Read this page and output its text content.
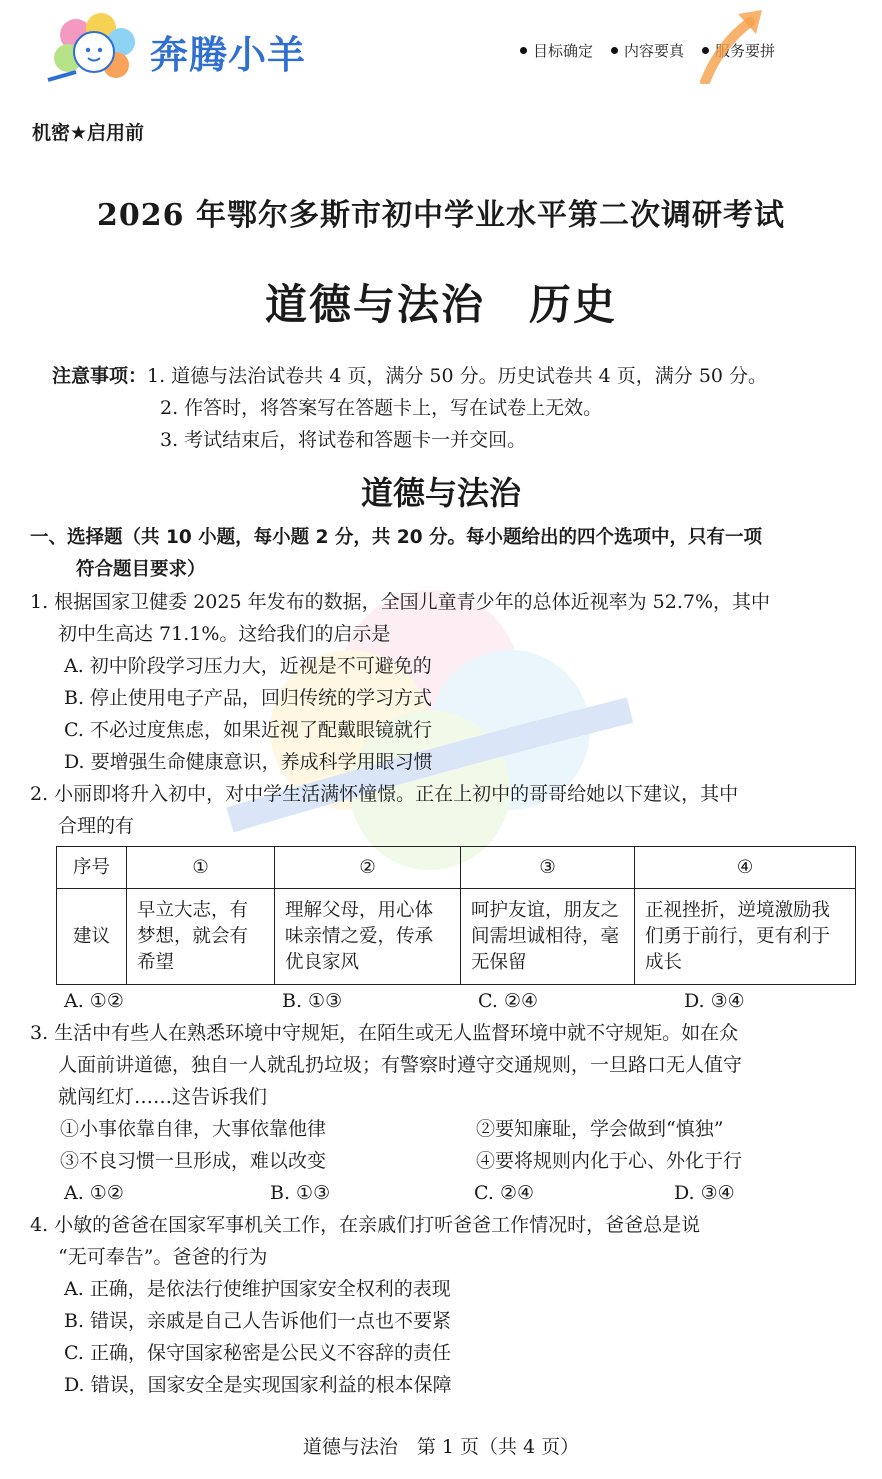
奔腾小羊	目标确定 内容要真 服务要拼
机密★启用前
2026 年鄂尔多斯市初中学业水平第二次调研考试
道德与法治　历史
注意事项：1. 道德与法治试卷共 4 页，满分 50 分。历史试卷共 4 页，满分 50 分。
2. 作答时，将答案写在答题卡上，写在试卷上无效。
3. 考试结束后，将试卷和答题卡一并交回。
道德与法治
一、选择题（共 10 小题，每小题 2 分，共 20 分。每小题给出的四个选项中，只有一项
符合题目要求）
1. 根据国家卫健委 2025 年发布的数据，全国儿童青少年的总体近视率为 52.7%，其中
初中生高达 71.1%。这给我们的启示是
A. 初中阶段学习压力大，近视是不可避免的
B. 停止使用电子产品，回归传统的学习方式
C. 不必过度焦虑，如果近视了配戴眼镜就行
D. 要增强生命健康意识，养成科学用眼习惯
2. 小丽即将升入初中，对中学生活满怀憧憬。正在上初中的哥哥给她以下建议，其中
合理的有
序号	①	②	③	④
建议	早立大志，有梦想，就会有希望	理解父母，用心体味亲情之爱，传承优良家风	呵护友谊，朋友之间需坦诚相待，毫无保留	正视挫折，逆境激励我们勇于前行，更有利于成长
A. ①②	B. ①③	C. ②④	D. ③④
3. 生活中有些人在熟悉环境中守规矩，在陌生或无人监督环境中就不守规矩。如在众
人面前讲道德，独自一人就乱扔垃圾；有警察时遵守交通规则，一旦路口无人值守
就闯红灯……这告诉我们
①小事依靠自律，大事依靠他律	②要知廉耻，学会做到“慎独”
③不良习惯一旦形成，难以改变	④要将规则内化于心、外化于行
A. ①②	B. ①③	C. ②④	D. ③④
4. 小敏的爸爸在国家军事机关工作，在亲戚们打听爸爸工作情况时，爸爸总是说
“无可奉告”。爸爸的行为
A. 正确，是依法行使维护国家安全权利的表现
B. 错误，亲戚是自己人告诉他们一点也不要紧
C. 正确，保守国家秘密是公民义不容辞的责任
D. 错误，国家安全是实现国家利益的根本保障
道德与法治　第 1 页（共 4 页）
